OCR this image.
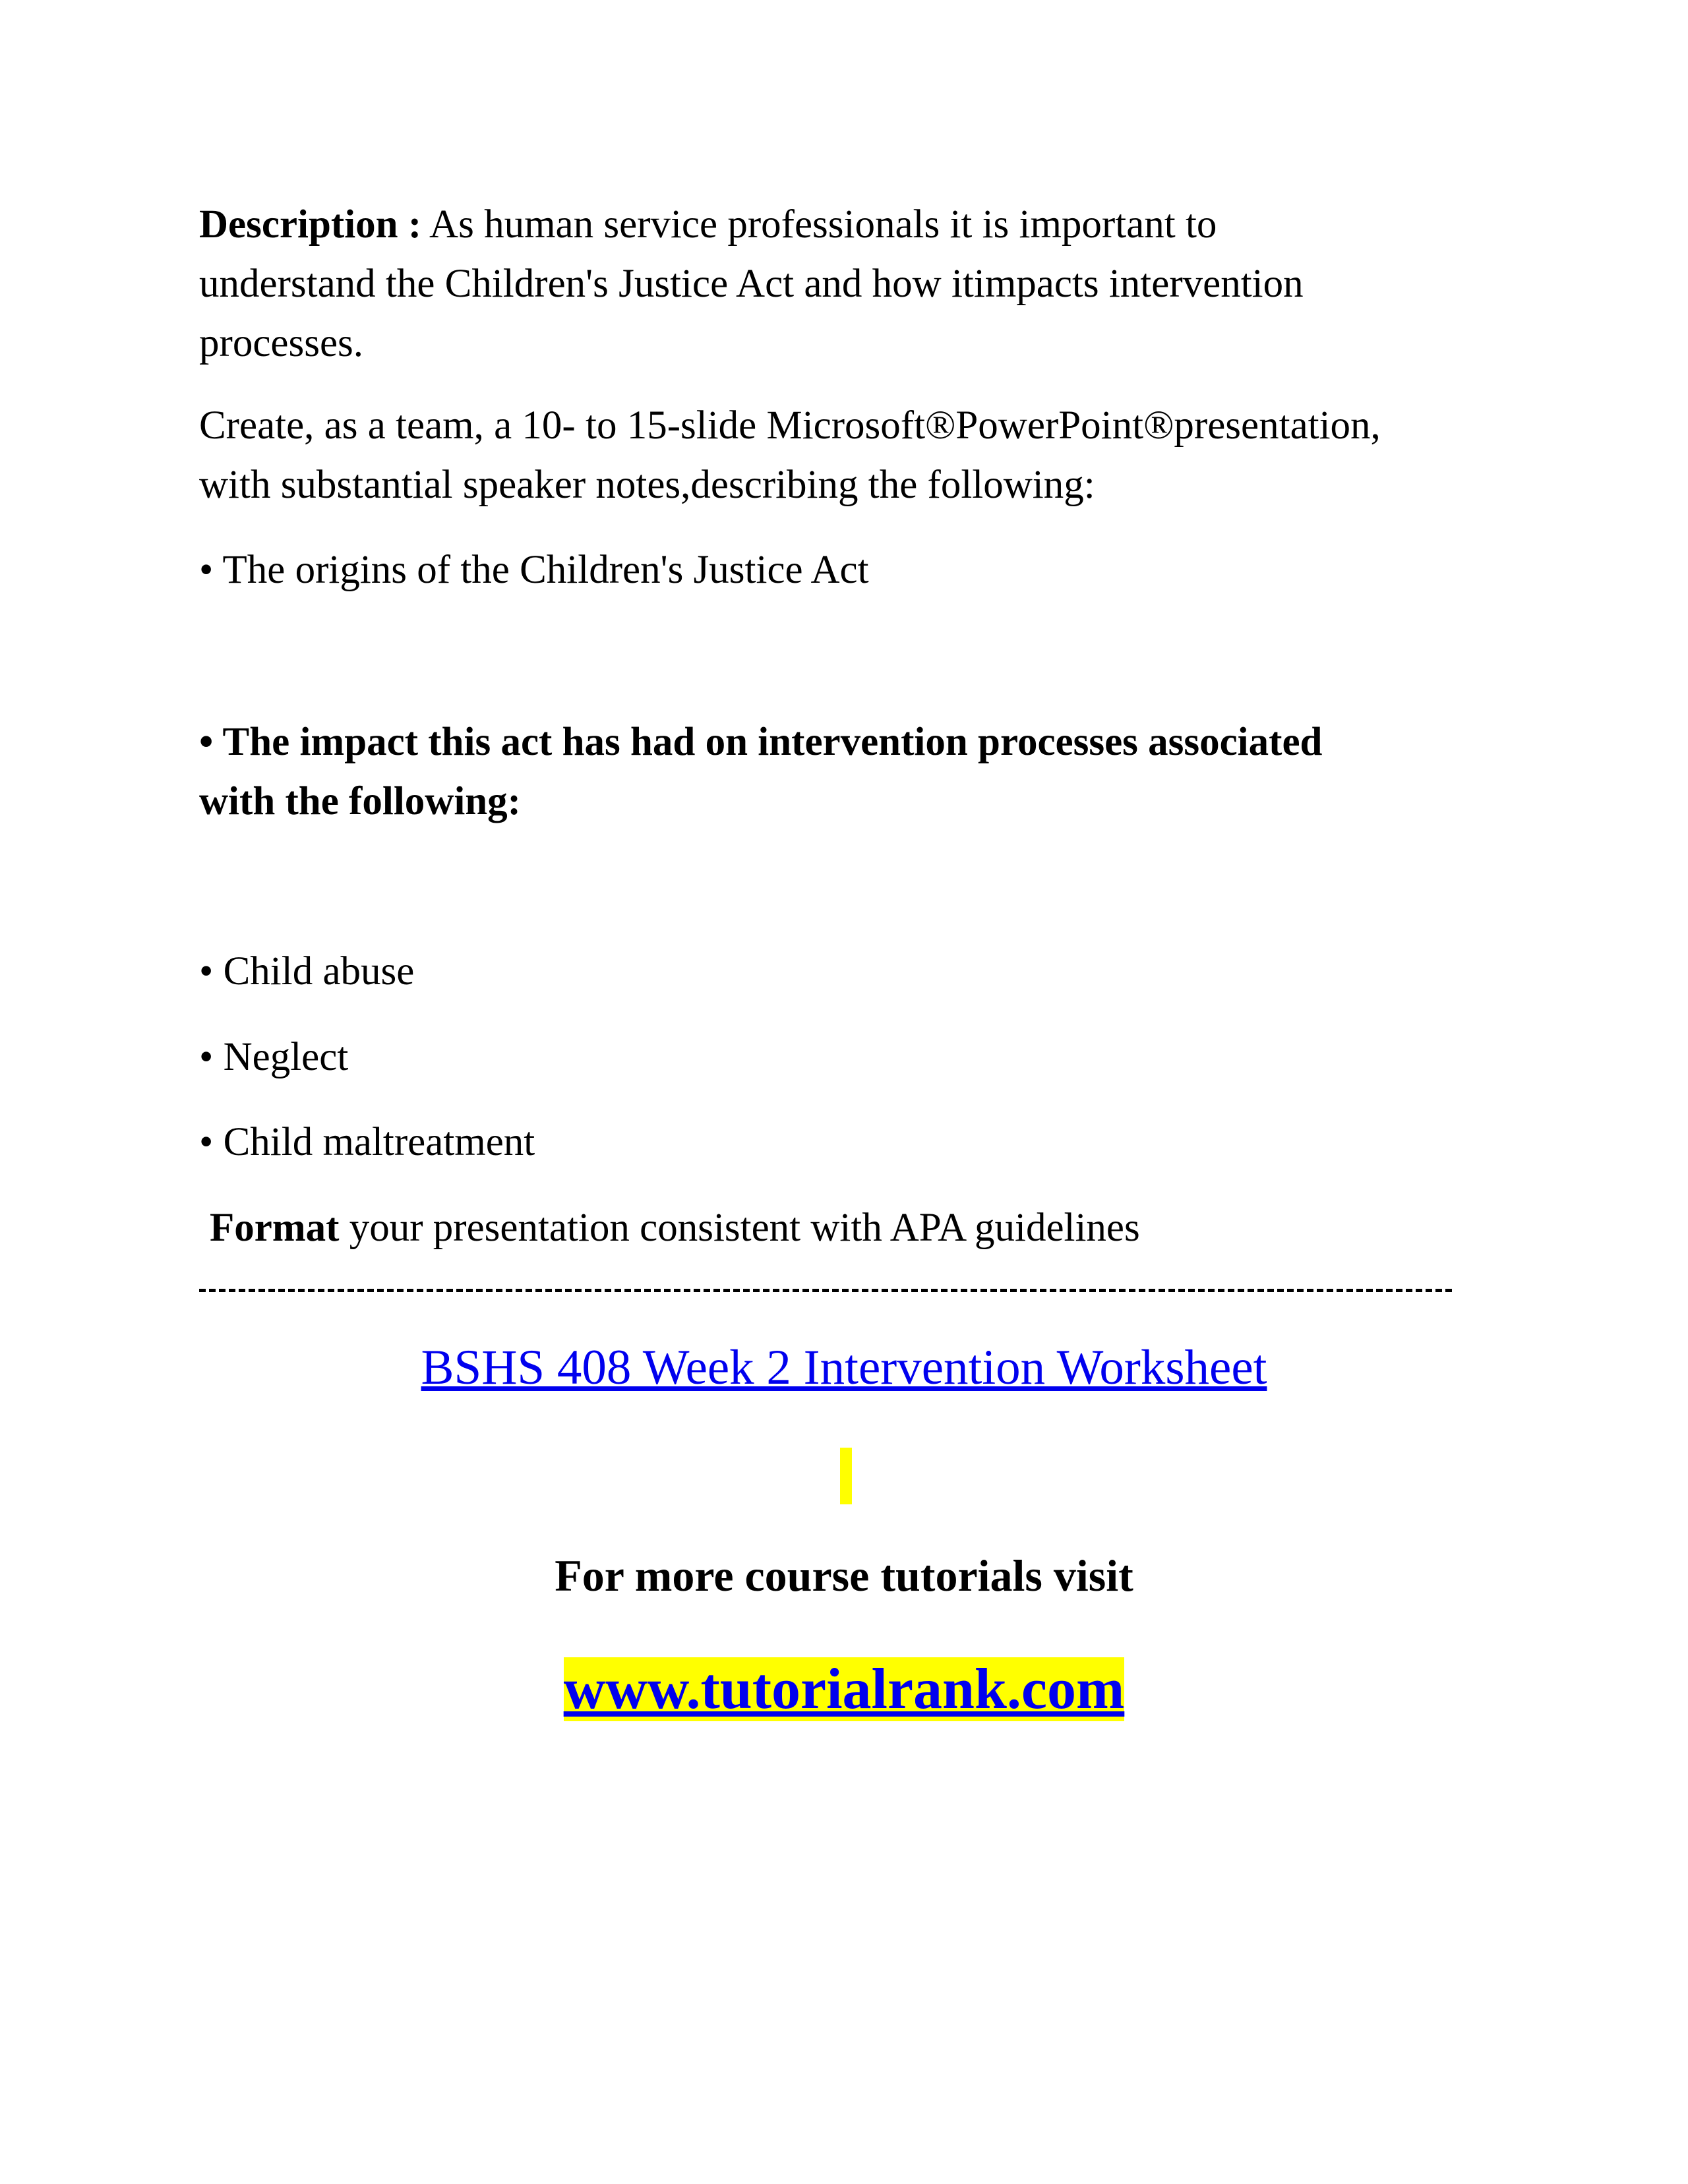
Description : As human service professionals it is important to
understand the Children's Justice Act and how itimpacts intervention
processes.

Create, as a team, a 10- to 15-slide Microsoft®PowerPoint®presentation,
with substantial speaker notes,describing the following:

• The origins of the Children's Justice Act

• The impact this act has had on intervention processes associated
with the following:

• Child abuse

• Neglect

• Child maltreatment

Format your presentation consistent with APA guidelines

BSHS 408 Week 2 Intervention Worksheet

For more course tutorials visit

www.tutorialrank.com
